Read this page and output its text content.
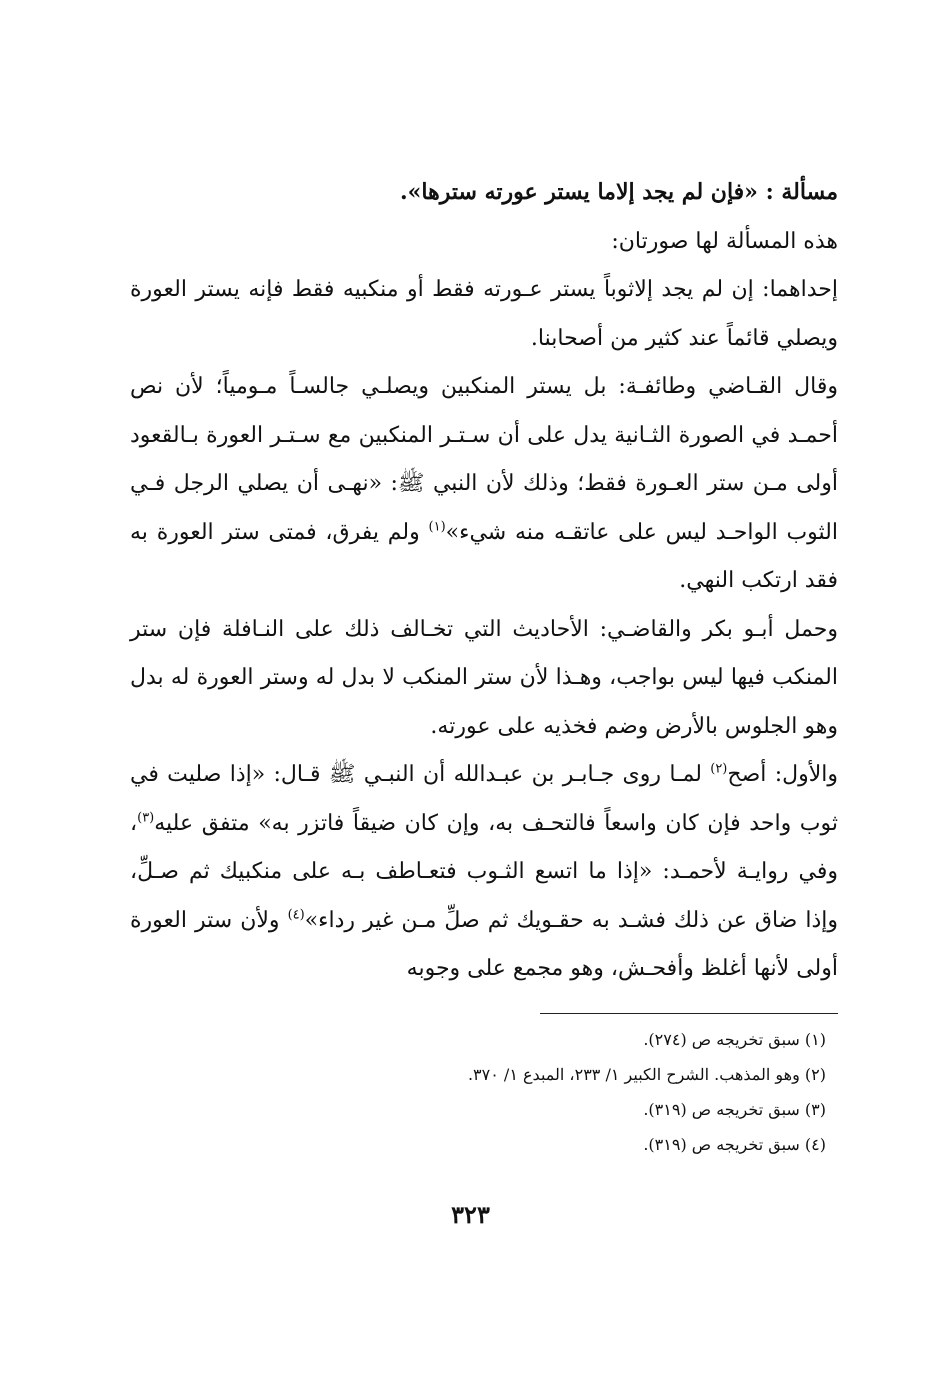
مسألة : «فإن لم يجد إلاما يستر عورته سترها».

هذه المسألة لها صورتان:

إحداهما: إن لم يجد إلاثوباً يستر عـورته فقط أو منكبيه فقط فإنه يستر العورة ويصلي قائماً عند كثير من أصحابنا.

وقال القـاضي وطائفـة: بل يستر المنكبين ويصلـي جالسـاً مـومياً؛ لأن نص أحمـد في الصورة الثـانية يدل على أن سـتـر المنكبين مع سـتـر العورة بـالقعود أولى مـن ستر العـورة فقط؛ وذلك لأن النبي ﷺ: «نهـى أن يصلي الرجل فـي الثوب الواحـد ليس على عاتقـه منه شيء»$^{(١)}$ ولم يفرق، فمتى ستر العورة به فقد ارتكب النهي.

وحمل أبـو بكر والقاضـي: الأحاديث التي تخـالف ذلك على النـافلة فإن ستر المنكب فيها ليس بواجب، وهـذا لأن ستر المنكب لا بدل له وستر العورة له بدل وهو الجلوس بالأرض وضم فخذيه على عورته.

والأول: أصح$^{(٢)}$ لمـا روى جـابـر بن عبـدالله أن النبـي ﷺ قـال: «إذا صليت في ثوب واحد فإن كان واسعاً فالتحـف به، وإن كان ضيقاً فاتزر به» متفق عليه$^{(٣)}$، وفي روايـة لأحمـد: «إذا ما اتسع الثـوب فتعـاطف بـه على منكبيك ثم صـلِّ، وإذا ضاق عن ذلك فشـد به حقـويك ثم صلِّ مـن غير رداء»$^{(٤)}$ ولأن ستر العورة أولى لأنها أغلظ وأفحـش، وهو مجمع على وجوبه

(١) سبق تخريجه ص (٢٧٤).
(٢) وهو المذهب. الشرح الكبير ١/ ٢٣٣، المبدع ١/ ٣٧٠.
(٣) سبق تخريجه ص (٣١٩).
(٤) سبق تخريجه ص (٣١٩).
٣٢٣
